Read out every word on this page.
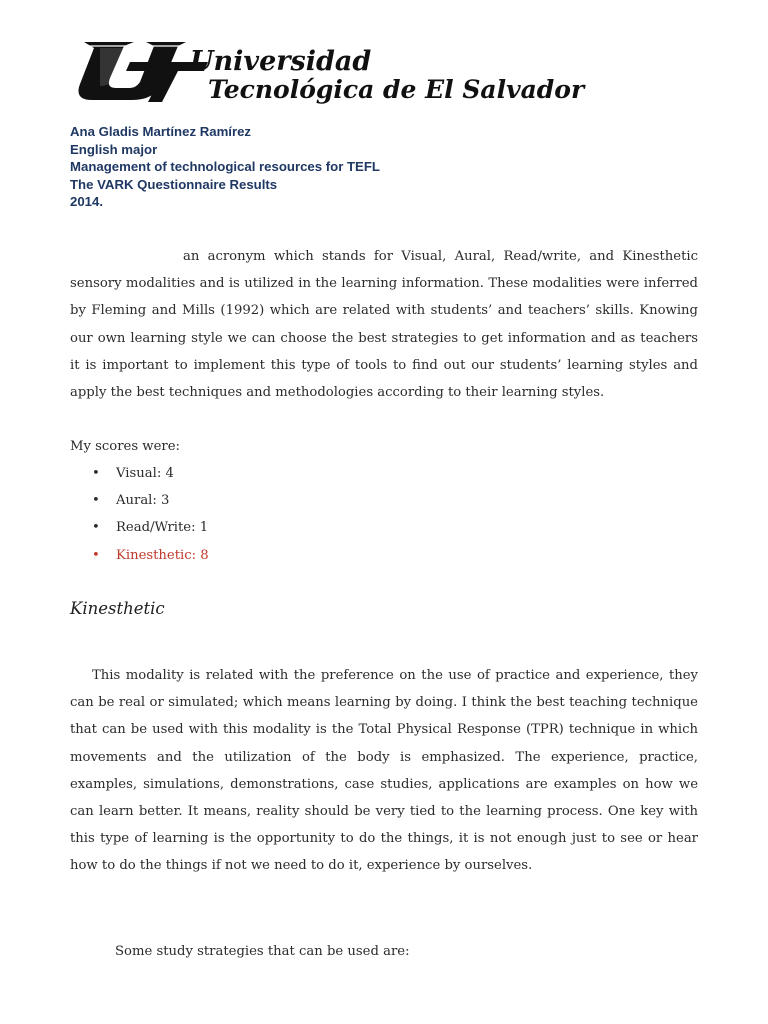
Universidad
Tecnológica de El Salvador
Ana Gladis Martínez Ramírez
English major
Management of technological resources for TEFL
The VARK Questionnaire Results
2014.
an acronym which stands for Visual, Aural, Read/write, and Kinesthetic sensory modalities and is utilized in the learning information. These modalities were inferred by Fleming and Mills (1992) which are related with students’ and teachers’ skills. Knowing our own learning style we can choose the best strategies to get information and as teachers it is important to implement this type of tools to find out our students’ learning styles and apply the best techniques and methodologies according to their learning styles.
My scores were:
• Visual: 4
• Aural: 3
• Read/Write: 1
• Kinesthetic: 8
Kinesthetic
This modality is related with the preference on the use of practice and experience, they can be real or simulated; which means learning by doing. I think the best teaching technique that can be used with this modality is the Total Physical Response (TPR) technique in which movements and the utilization of the body is emphasized. The experience, practice, examples, simulations, demonstrations, case studies, applications are examples on how we can learn better. It means, reality should be very tied to the learning process. One key with this type of learning is the opportunity to do the things, it is not enough just to see or hear how to do the things if not we need to do it, experience by ourselves.
Some study strategies that can be used are:
